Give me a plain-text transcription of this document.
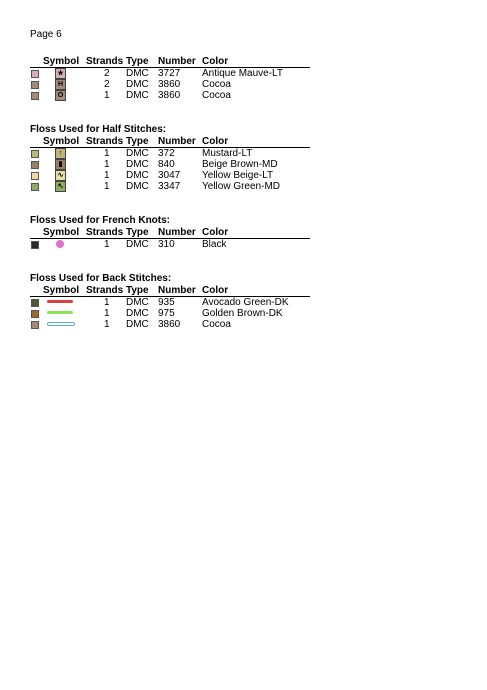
Page 6
Symbol Strands Type Number Color
★	2 DMC 3727 Antique Mauve-LT
H	2 DMC 3860 Cocoa
O	1 DMC 3860 Cocoa
Floss Used for Half Stitches:
Symbol Strands Type Number Color
↑	1 DMC 372	Mustard-LT
▮	1 DMC 840	Beige Brown-MD
∿	1 DMC 3047 Yellow Beige-LT
↖	1 DMC 3347 Yellow Green-MD
Floss Used for French Knots:
Symbol Strands Type Number Color
1 DMC 310	Black
Floss Used for Back Stitches:
Symbol Strands Type Number Color
1 DMC 935	Avocado Green-DK
1 DMC 975	Golden Brown-DK
1 DMC 3860 Cocoa
